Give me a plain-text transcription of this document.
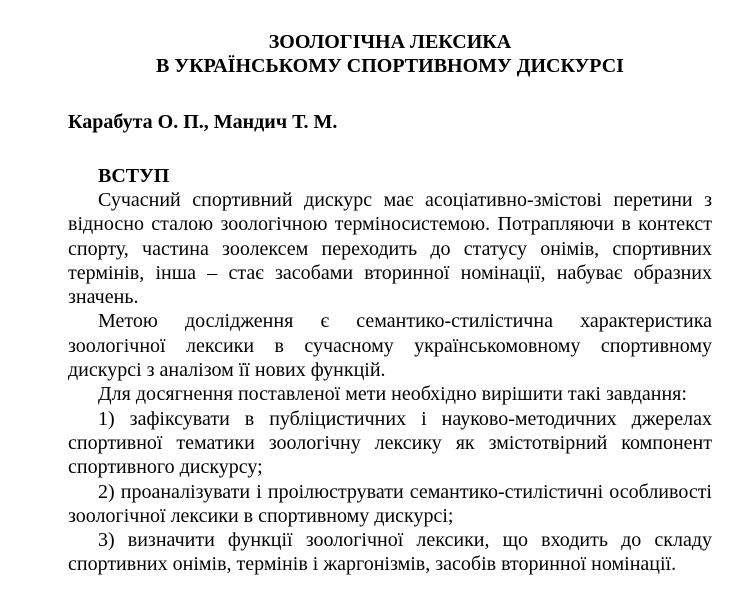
ЗООЛОГІЧНА ЛЕКСИКА
В УКРАЇНСЬКОМУ СПОРТИВНОМУ ДИСКУРСІ

Карабута О. П., Мандич Т. М.

ВСТУП

Сучасний спортивний дискурс має асоціативно-змістові перетини з відносно сталою зоологічною терміносистемою. Потрапляючи в контекст спорту, частина зоолексем переходить до статусу онімів, спортивних термінів, інша – стає засобами вторинної номінації, набуває образних значень.

Метою дослідження є семантико-стилістична характеристика зоологічної лексики в сучасному українськомовному спортивному дискурсі з аналізом її нових функцій.

Для досягнення поставленої мети необхідно вирішити такі завдання:

1) зафіксувати в публіцистичних і науково-методичних джерелах спортивної тематики зоологічну лексику як змістотвірний компонент спортивного дискурсу;

2) проаналізувати і проілюструвати семантико-стилістичні особливості зоологічної лексики в спортивному дискурсі;

3) визначити функції зоологічної лексики, що входить до складу спортивних онімів, термінів і жаргонізмів, засобів вторинної номінації.
